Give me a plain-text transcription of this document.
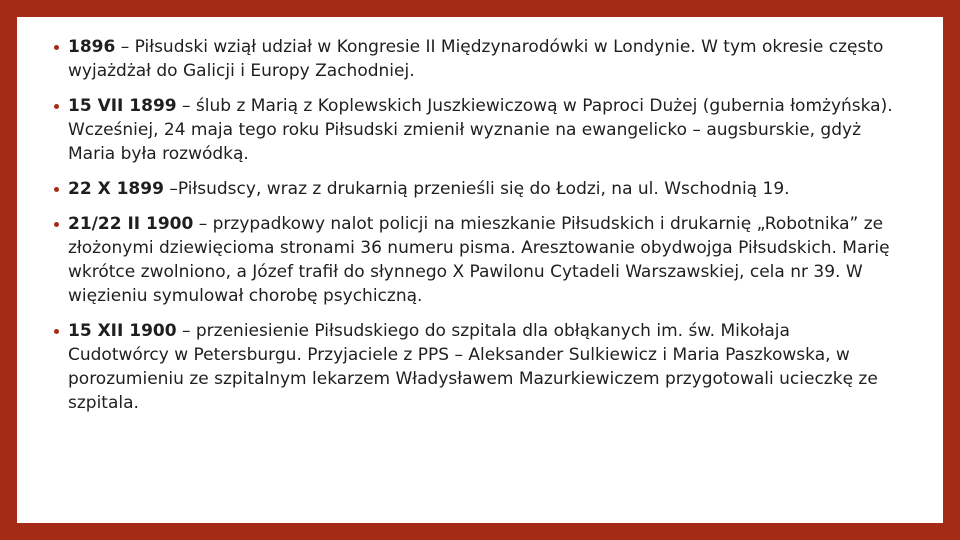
1896 – Piłsudski wziął udział w Kongresie II Międzynarodówki w Londynie. W tym okresie często wyjażdżał do Galicji i Europy Zachodniej.
15 VII 1899 – ślub z Marią z Koplewskich Juszkiewiczową w Paproci Dużej (gubernia łomżyńska). Wcześniej, 24 maja tego roku Piłsudski zmienił wyznanie na ewangelicko – augsburskie, gdyż Maria była rozwódką.
22 X 1899 –Piłsudscy, wraz z drukarnią przenieśli się do Łodzi, na ul. Wschodnią 19.
21/22 II 1900 – przypadkowy nalot policji na mieszkanie Piłsudskich i drukarnię „Robotnika” ze złożonymi dziewięcioma stronami 36 numeru pisma. Aresztowanie obydwojga Piłsudskich. Marię wkrótce zwolniono, a Józef trafił do słynnego X Pawilonu Cytadeli Warszawskiej, cela nr 39. W więzieniu symulował chorobę psychiczną.
15 XII 1900 – przeniesienie Piłsudskiego do szpitala dla obłąkanych im. św. Mikołaja Cudotwórcy w Petersburgu. Przyjaciele z PPS – Aleksander Sulkiewicz i Maria Paszkowska, w porozumieniu ze szpitalnym lekarzem Władysławem Mazurkiewiczem przygotowali ucieczkę ze szpitala.
